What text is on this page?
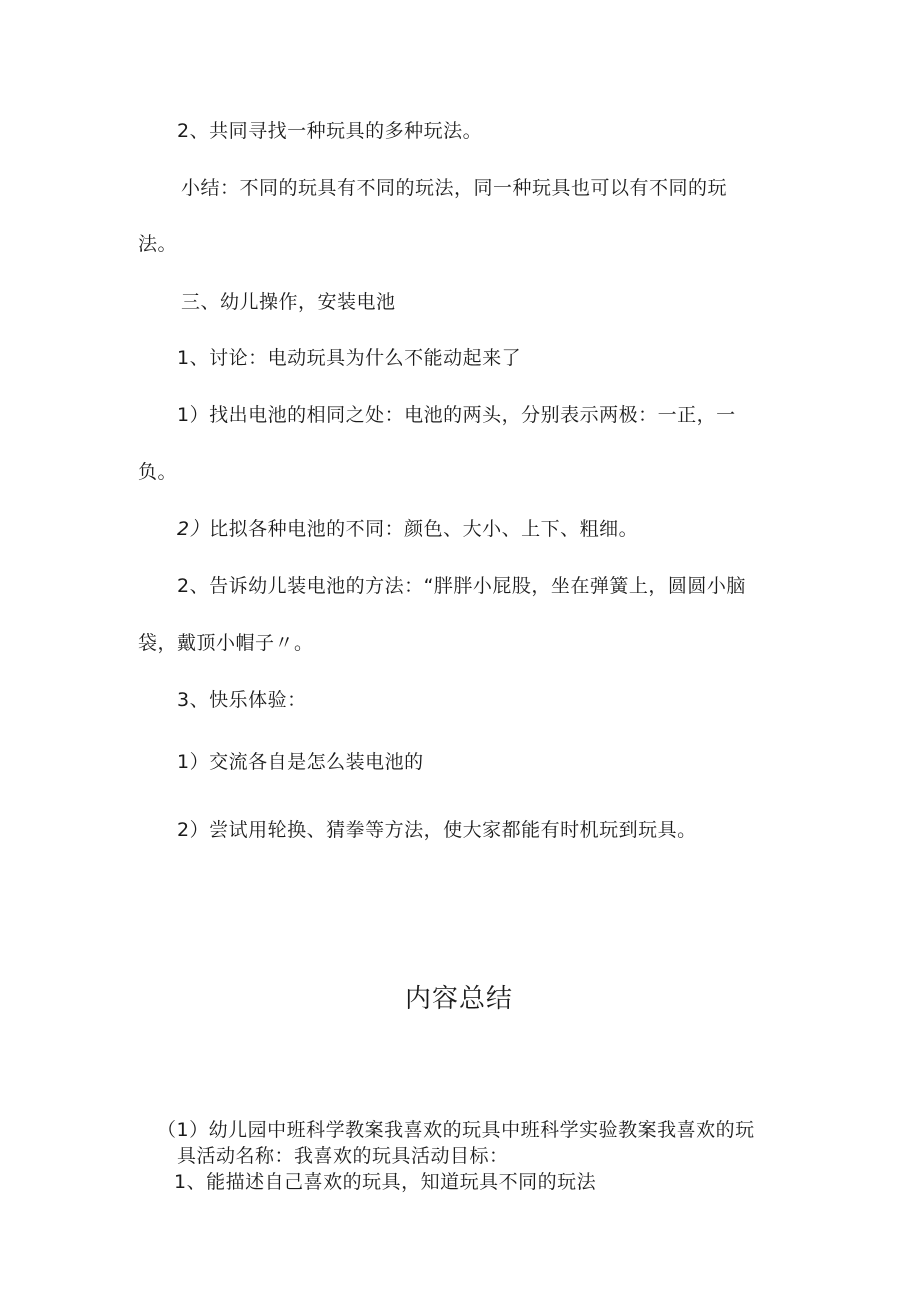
2、共同寻找一种玩具的多种玩法。
小结：不同的玩具有不同的玩法，同一种玩具也可以有不同的玩
法。
三、幼儿操作，安装电池
1、讨论：电动玩具为什么不能动起来了
1）找出电池的相同之处：电池的两头，分别表示两极：一正，一
负。
2）比拟各种电池的不同：颜色、大小、上下、粗细。
2、告诉幼儿装电池的方法：“胖胖小屁股，坐在弹簧上，圆圆小脑
袋，戴顶小帽子〃。
3、快乐体验：
1）交流各自是怎么装电池的
2）尝试用轮换、猜拳等方法，使大家都能有时机玩到玩具。
内容总结
（1）幼儿园中班科学教案我喜欢的玩具中班科学实验教案我喜欢的玩
具活动名称：我喜欢的玩具活动目标：
1、能描述自己喜欢的玩具，知道玩具不同的玩法
